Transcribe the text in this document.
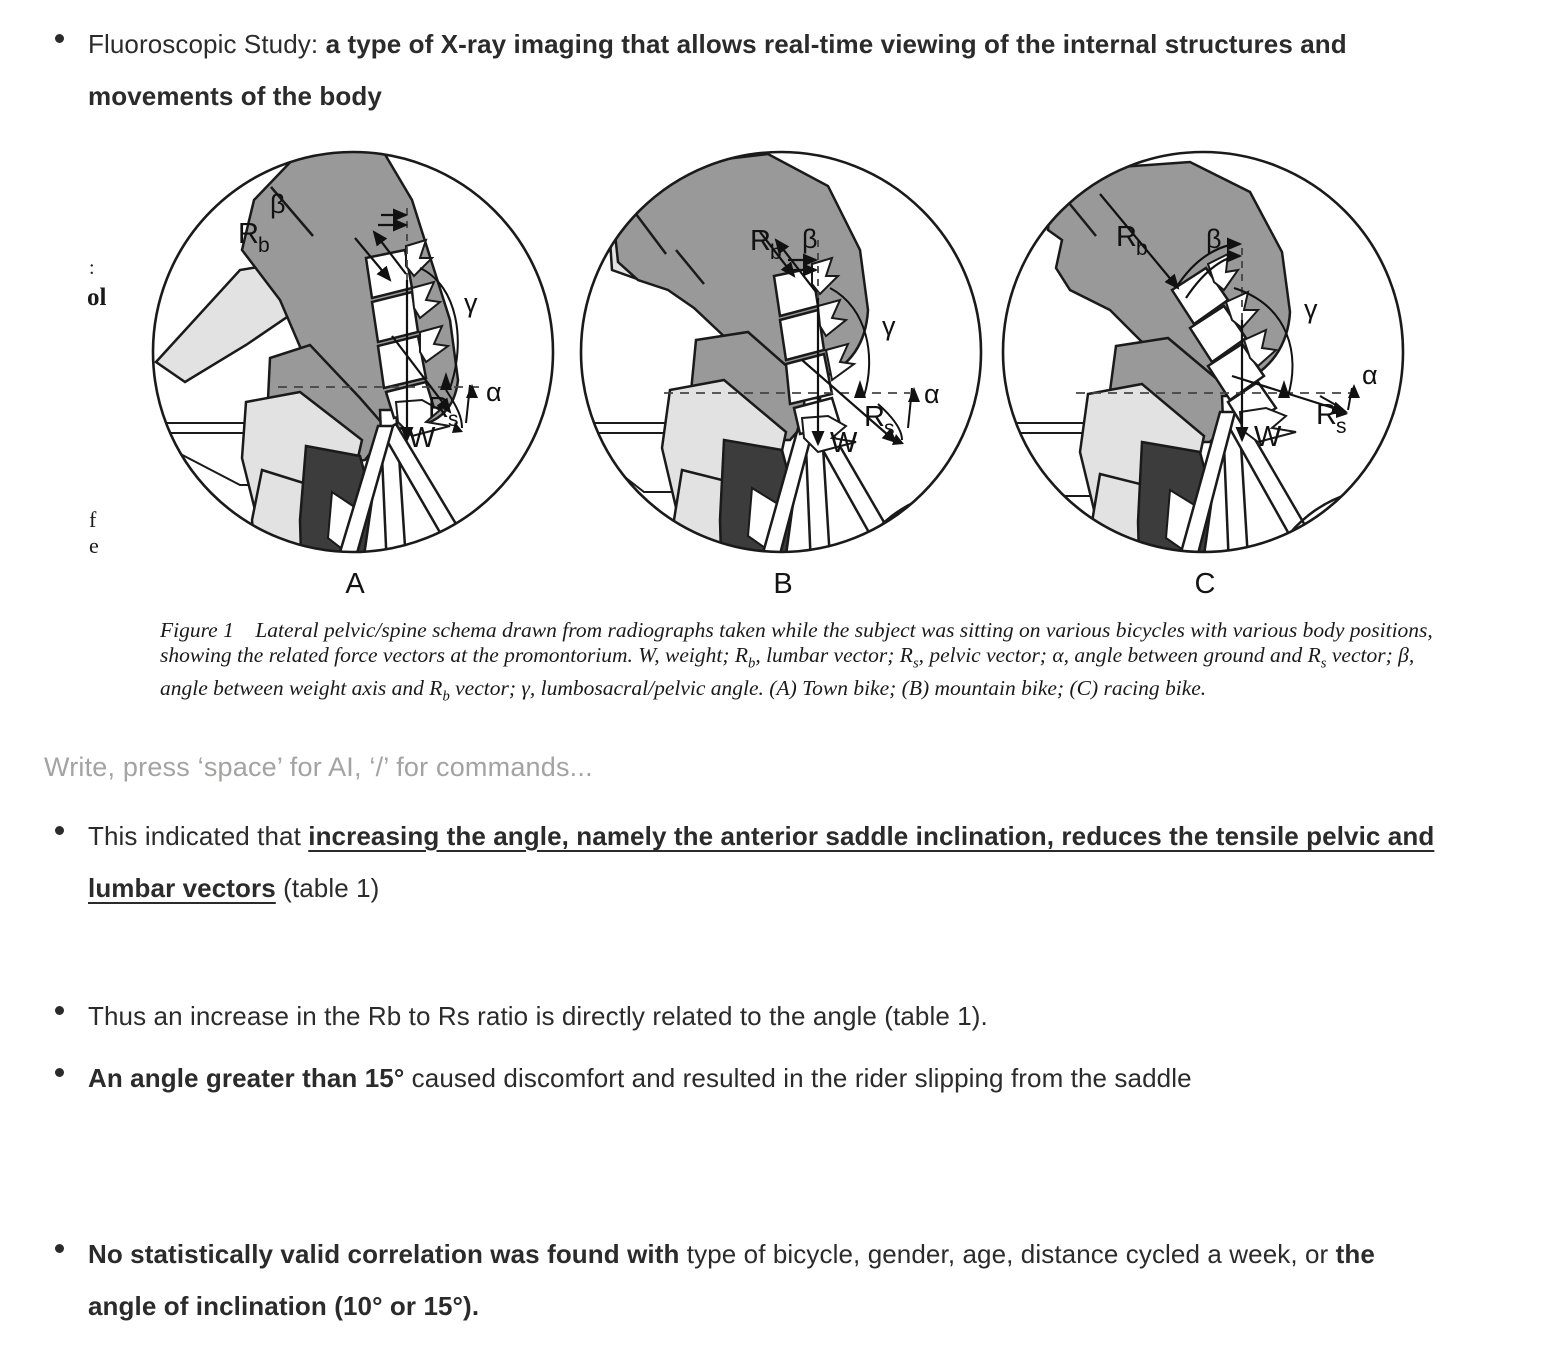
Fluoroscopic Study: a type of X-ray imaging that allows real-time viewing of the internal structures and movements of the body
:
ol
f
e
β
R b
γ
α
R s
W
A
R b β
γ
α
R s
W
B
R b β
γ
α
R s
W
C
Figure 1 Lateral pelvic/spine schema drawn from radiographs taken while the subject was sitting on various bicycles with various body positions, showing the related force vectors at the promontorium. W, weight; $R_b$, lumbar vector; $R_s$, pelvic vector; α, angle between ground and $R_s$ vector; β, angle between weight axis and $R_b$ vector; γ, lumbosacral/pelvic angle. (A) Town bike; (B) mountain bike; (C) racing bike.
Write, press ‘space’ for AI, ‘/’ for commands...
This indicated that increasing the angle, namely the anterior saddle inclination, reduces the tensile pelvic and lumbar vectors (table 1)
Thus an increase in the Rb to Rs ratio is directly related to the angle (table 1).
An angle greater than 15° caused discomfort and resulted in the rider slipping from the saddle
No statistically valid correlation was found with type of bicycle, gender, age, distance cycled a week, or the angle of inclination (10° or 15°).
